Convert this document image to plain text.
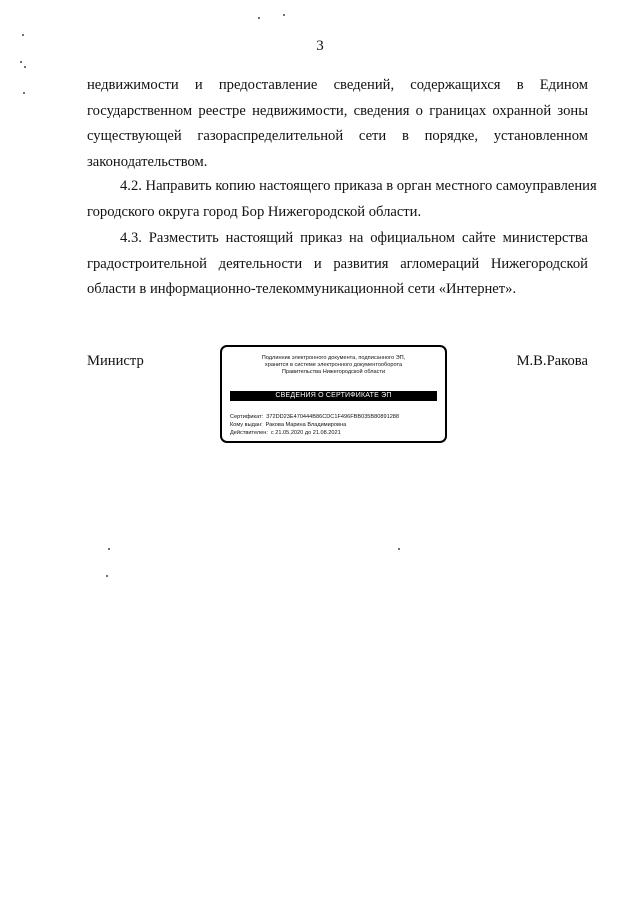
3
недвижимости и предоставление сведений, содержащихся в Едином
государственном реестре недвижимости, сведения о границах охранной зоны
существующей газораспределительной сети в порядке, установленном
законодательством.
4.2. Направить копию настоящего приказа в орган местного самоуправления
городского округа город Бор Нижегородской области.
4.3. Разместить настоящий приказ на официальном сайте министерства
градостроительной деятельности и развития агломераций Нижегородской
области в информационно-телекоммуникационной сети «Интернет».
Министр	М.В.Ракова
Подлинник электронного документа, подписанного ЭП,
хранится в системе электронного документооборота
Правительства Нижегородской области
СВЕДЕНИЯ О СЕРТИФИКАТЕ ЭП
Сертификат: 372DD23E470444B86CDC1F496FBB035B80891288
Кому выдан: Ракова Марина Владимировна
Действителен: с 21.05.2020 до 21.08.2021
